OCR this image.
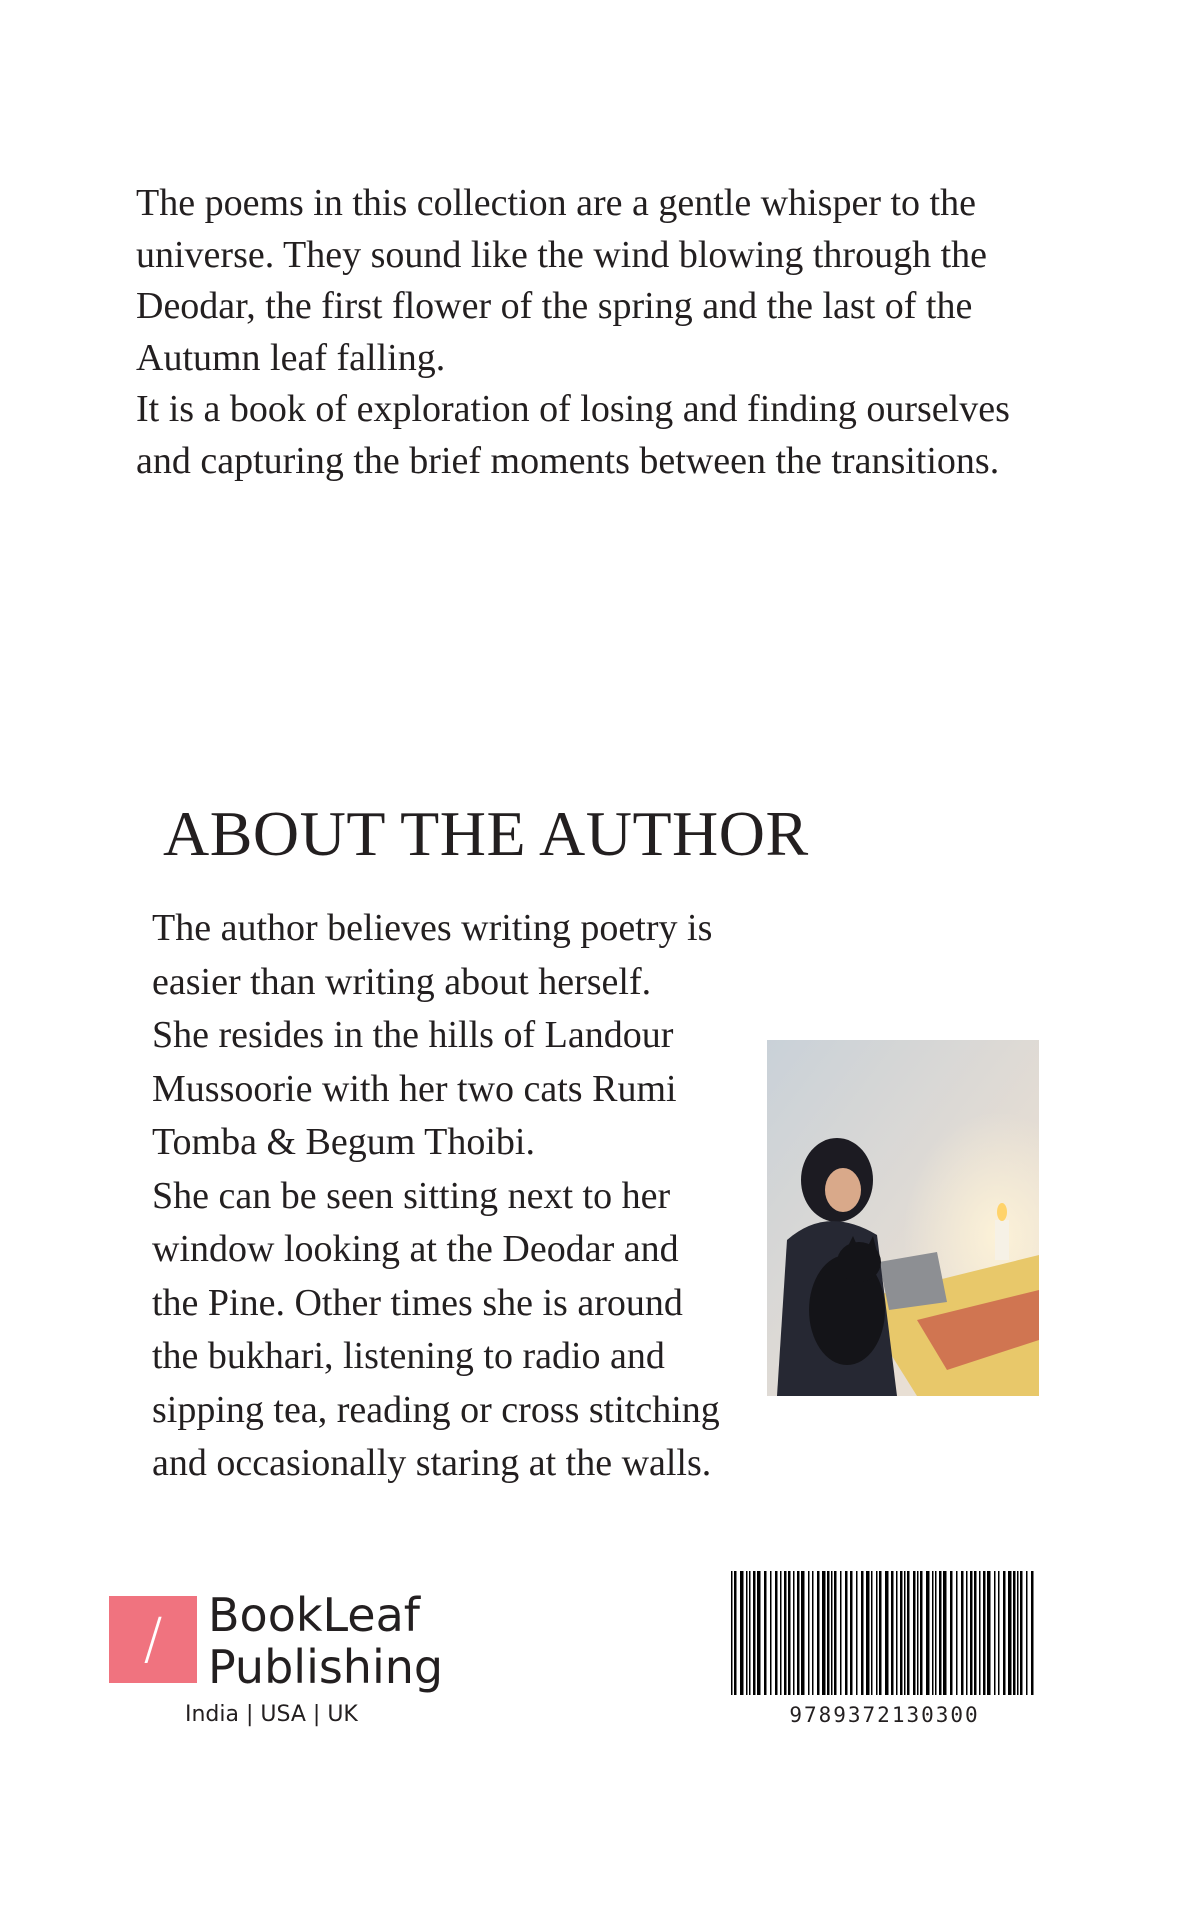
The poems in this collection are a gentle whisper to the universe. They sound like the wind blowing through the Deodar, the first flower of the spring and the last of the Autumn leaf falling.

It is a book of exploration of losing and finding ourselves and capturing the brief moments between the transitions.

ABOUT THE AUTHOR
The author believes writing poetry is
easier than writing about herself.
She resides in the hills of Landour
Mussoorie with her two cats Rumi
Tomba & Begum Thoibi.
She can be seen sitting next to her
window looking at the Deodar and
the Pine. Other times she is around
the bukhari, listening to radio and
sipping tea, reading or cross stitching
and occasionally staring at the walls.
/ BookLeaf
Publishing
India | USA | UK	9789372130300
